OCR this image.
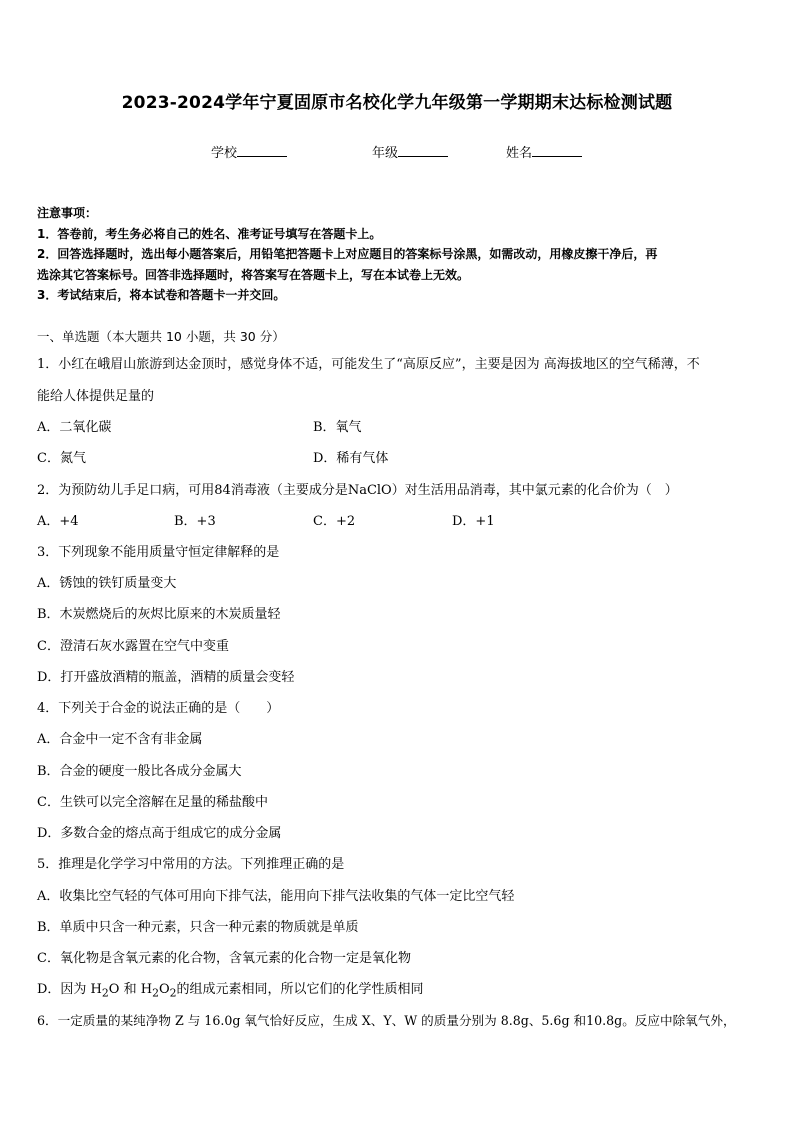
2023-2024学年宁夏固原市名校化学九年级第一学期期末达标检测试题
学校	年级	姓名

注意事项：

1．答卷前，考生务必将自己的姓名、准考证号填写在答题卡上。

2．回答选择题时，选出每小题答案后，用铅笔把答题卡上对应题目的答案标号涂黑，如需改动，用橡皮擦干净后，再

选涂其它答案标号。回答非选择题时，将答案写在答题卡上，写在本试卷上无效。

3．考试结束后，将本试卷和答题卡一并交回。

一、单选题（本大题共 10 小题，共 30 分）
1．小红在峨眉山旅游到达金顶时，感觉身体不适，可能发生了“高原反应”，主要是因为 高海拔地区的空气稀薄，不
能给人体提供足量的
A．二氧化碳	B．氧气
C．氮气	D．稀有气体
2．为预防幼儿手足口病，可用84消毒液（主要成分是NaClO）对生活用品消毒，其中氯元素的化合价为（　）
A．+4	B．+3	C．+2	D．+1
3．下列现象不能用质量守恒定律解释的是
A．锈蚀的铁钉质量变大
B．木炭燃烧后的灰烬比原来的木炭质量轻
C．澄清石灰水露置在空气中变重
D．打开盛放酒精的瓶盖，酒精的质量会变轻
4．下列关于合金的说法正确的是（　　）
A．合金中一定不含有非金属
B．合金的硬度一般比各成分金属大
C．生铁可以完全溶解在足量的稀盐酸中
D．多数合金的熔点高于组成它的成分金属
5．推理是化学学习中常用的方法。下列推理正确的是
A．收集比空气轻的气体可用向下排气法，能用向下排气法收集的气体一定比空气轻
B．单质中只含一种元素，只含一种元素的物质就是单质
C．氧化物是含氧元素的化合物，含氧元素的化合物一定是氧化物
D．因为 $H_2O$ 和 $H_2O_2$的组成元素相同，所以它们的化学性质相同
6．一定质量的某纯净物 Z 与 16.0g 氧气恰好反应，生成 X、Y、W 的质量分别为 8.8g、5.6g 和10.8g。反应中除氧气外，
